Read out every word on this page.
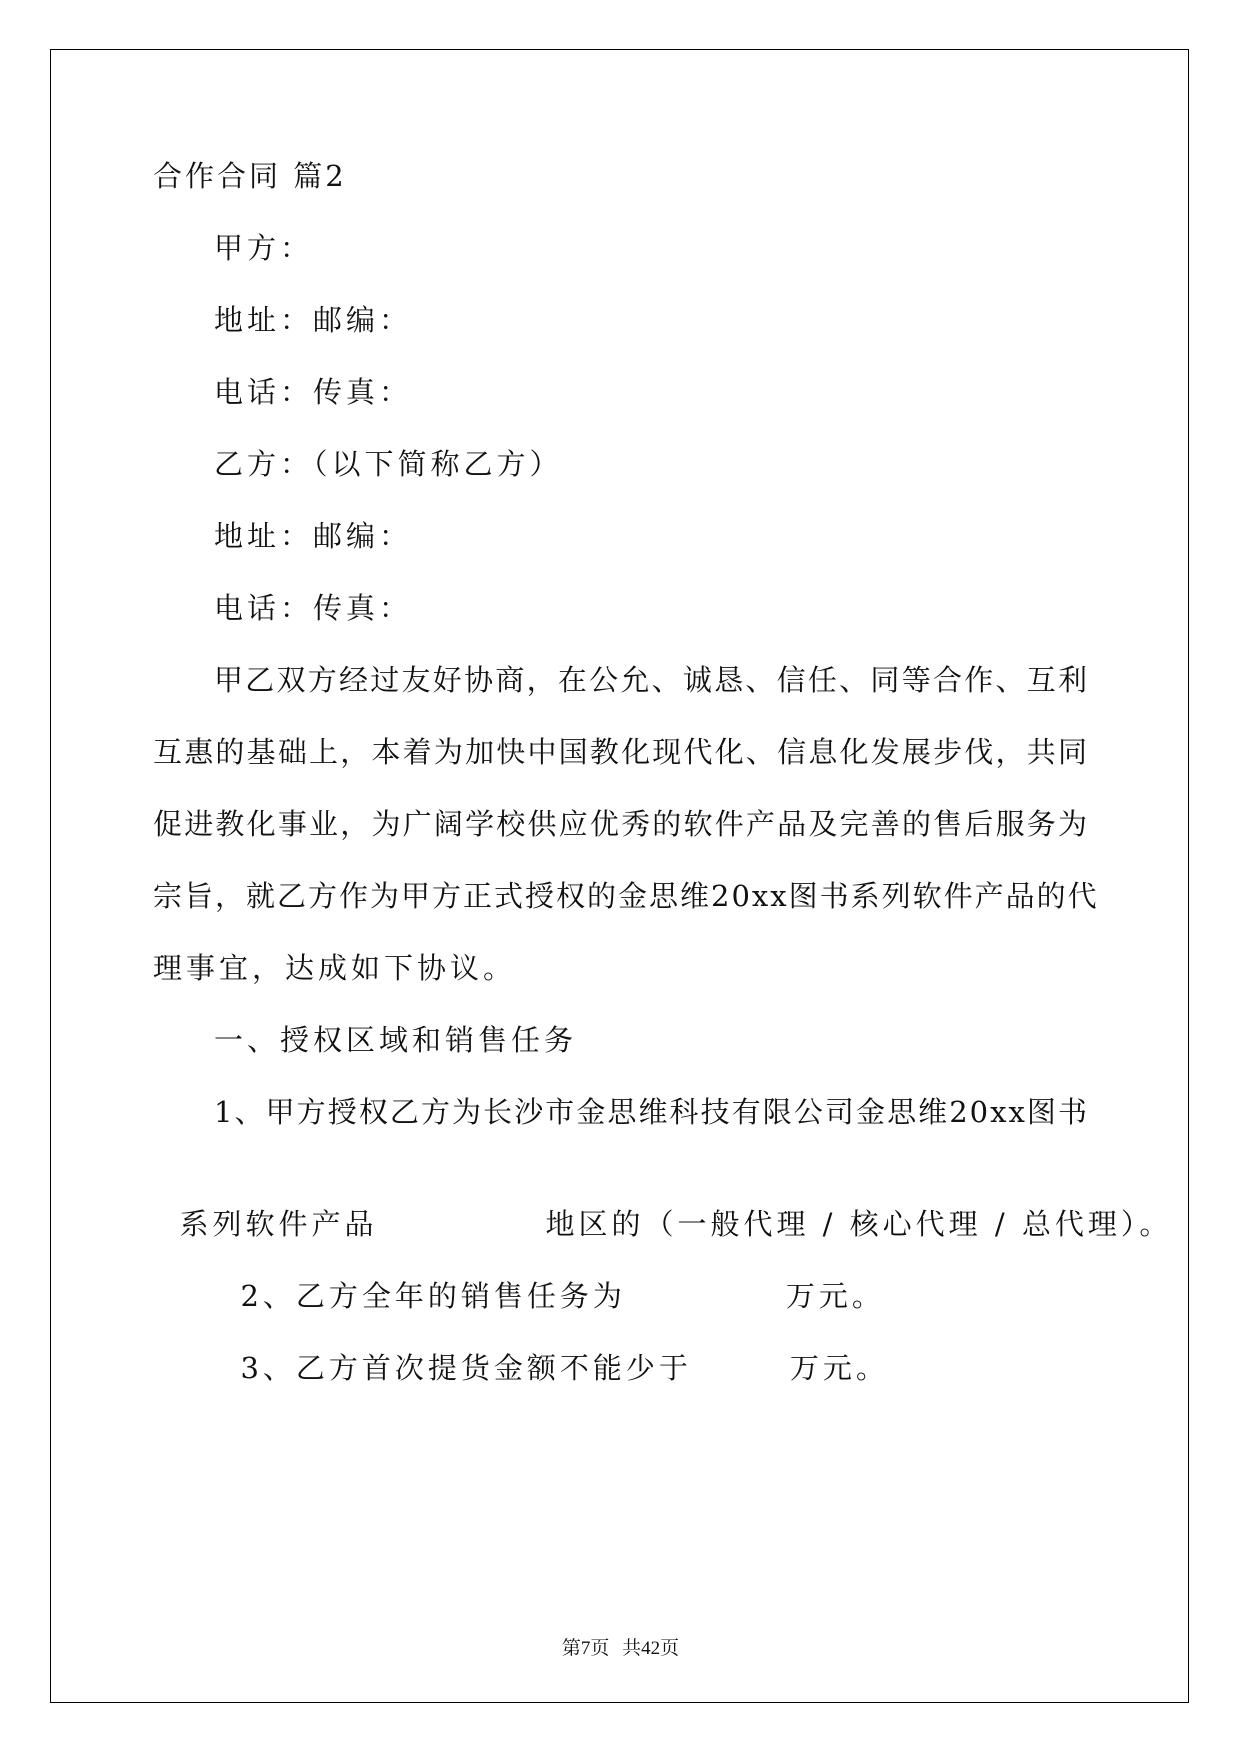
合作合同 篇2
甲方：
地址：邮编：
电话：传真：
乙方：（以下简称乙方）
地址：邮编：
电话：传真：
甲乙双方经过友好协商，在公允、诚恳、信任、同等合作、互利
互惠的基础上，本着为加快中国教化现代化、信息化发展步伐，共同
促进教化事业，为广阔学校供应优秀的软件产品及完善的售后服务为
宗旨，就乙方作为甲方正式授权的金思维20xx图书系列软件产品的代
理事宜，达成如下协议。
一、授权区域和销售任务
1、甲方授权乙方为长沙市金思维科技有限公司金思维20xx图书

系列软件产品	地区的（一般代理 / 核心代理 / 总代理）。

2、乙方全年的销售任务为	万元。

3、乙方首次提货金额不能少于	万元。

第7页 共42页
